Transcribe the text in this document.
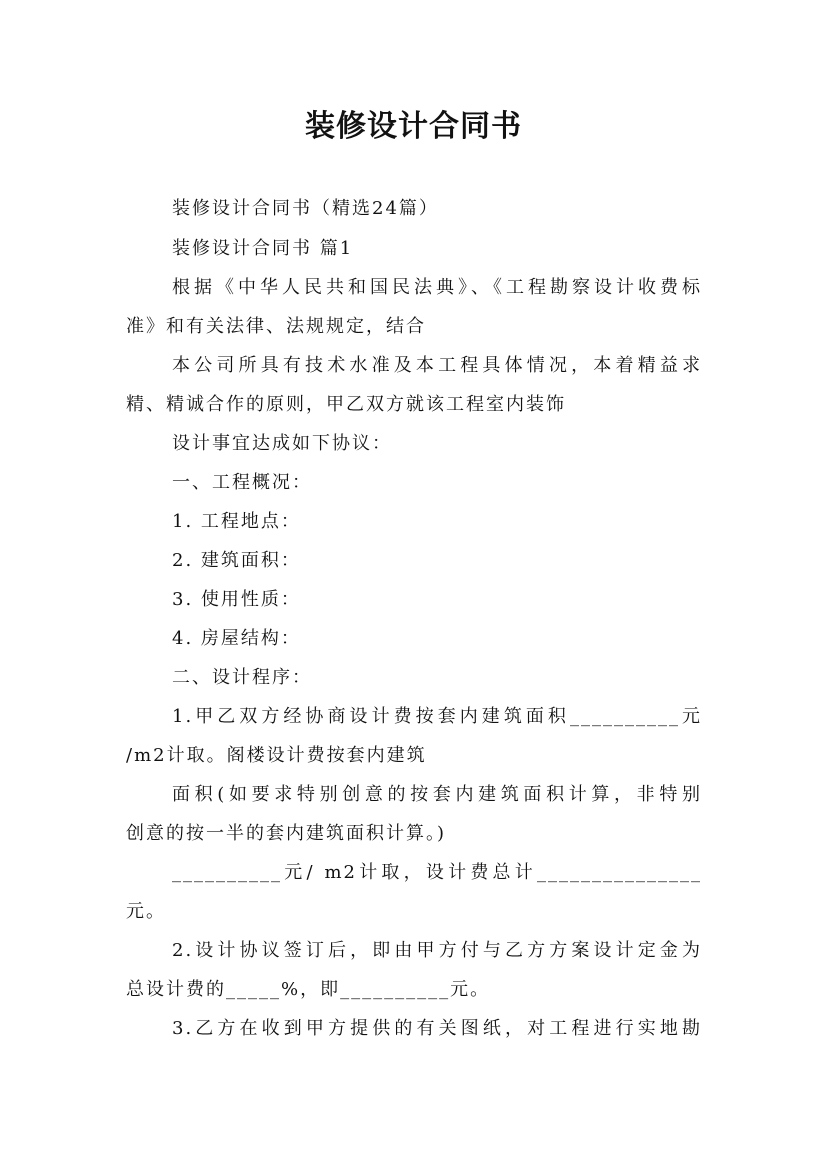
装修设计合同书
装修设计合同书（精选24篇）
装修设计合同书 篇1
根据《中华人民共和国民法典》、《工程勘察设计收费标
准》和有关法律、法规规定，结合
本公司所具有技术水准及本工程具体情况，本着精益求
精、精诚合作的原则，甲乙双方就该工程室内装饰
设计事宜达成如下协议：
一、工程概况：
1. 工程地点：
2. 建筑面积：
3. 使用性质：
4. 房屋结构：
二、设计程序：
1.甲乙双方经协商设计费按套内建筑面积__________元
/m2计取。阁楼设计费按套内建筑
面积(如要求特别创意的按套内建筑面积计算，非特别
创意的按一半的套内建筑面积计算。)
__________元/ m2计取，设计费总计_______________
元。
2.设计协议签订后，即由甲方付与乙方方案设计定金为
总设计费的_____%，即__________元。
3.乙方在收到甲方提供的有关图纸，对工程进行实地勘
